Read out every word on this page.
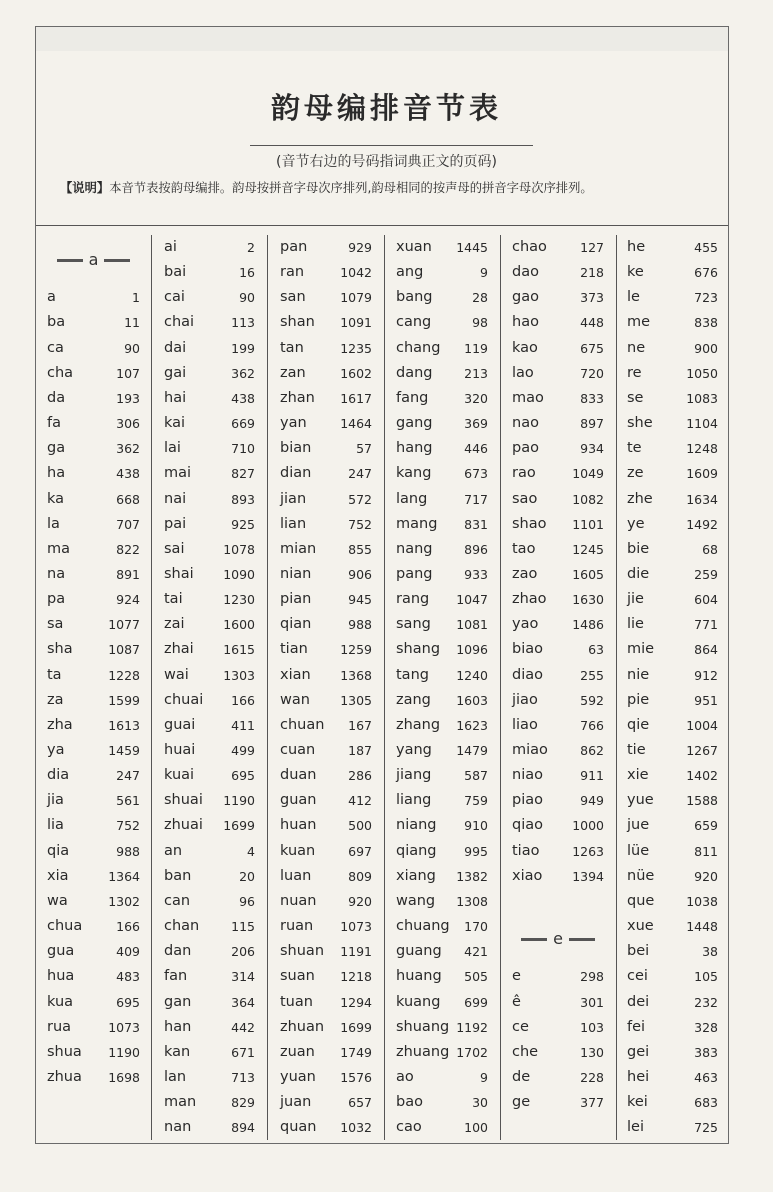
韵母编排音节表
(音节右边的号码指词典正文的页码)
【说明】本音节表按韵母编排。韵母按拼音字母次序排列,韵母相同的按声母的拼音字母次序排列。
a
a	1
ba	11
ca	90
cha	107
da	193
fa	306
ga	362
ha	438
ka	668
la	707
ma	822
na	891
pa	924
sa	1077
sha	1087
ta	1228
za	1599
zha	1613
ya	1459
dia	247
jia	561
lia	752
qia	988
xia	1364
wa	1302
chua	166
gua	409
hua	483
kua	695
rua	1073
shua 1190
zhua 1698
ai	2
bai	16
cai	90
chai	113
dai	199
gai	362
hai	438
kai	669
lai	710
mai	827
nai	893
pai	925
sai	1078
shai 1090
tai	1230
zai	1600
zhai 1615
wai	1303
chuai 166
guai	411
huai	499
kuai	695
shuai 1190
zhuai 1699
an	4
ban	20
can	96
chan	115
dan	206
fan	314
gan	364
han	442
kan	671
lan	713
man	829
nan	894
pan	929
ran	1042
san	1079
shan 1091
tan	1235
zan	1602
zhan 1617
yan	1464
bian	57
dian	247
jian	572
lian	752
mian	855
nian	906
pian	945
qian	988
tian	1259
xian 1368
wan 1305
chuan 167
cuan	187
duan	286
guan	412
huan	500
kuan	697
luan	809
nuan	920
ruan 1073
shuan 1191
suan 1218
tuan 1294
zhuan 1699
zuan 1749
yuan 1576
juan	657
quan 1032
xuan 1445
ang	9
bang	28
cang	98
chang 119
dang	213
fang	320
gang	369
hang	446
kang	673
lang	717
mang 831
nang	896
pang	933
rang 1047
sang 1081
shang 1096
tang 1240
zang 1603
zhang 1623
yang 1479
jiang	587
liang	759
niang 910
qiang 995
xiang 1382
wang 1308
chuang 170
guang 421
huang 505
kuang 699
shuang 1192
zhuang 1702
ao	9
bao	30
cao	100
chao	127
dao	218
gao	373
hao	448
kao	675
lao	720
mao	833
nao	897
pao	934
rao	1049
sao	1082
shao 1101
tao	1245
zao	1605
zhao 1630
yao	1486
biao	63
diao	255
jiao	592
liao	766
miao	862
niao	911
piao	949
qiao 1000
tiao	1263
xiao 1394
e
e	298
ê	301
ce	103
che	130
de	228
ge	377
he	455
ke	676
le	723
me	838
ne	900
re	1050
se	1083
she	1104
te	1248
ze	1609
zhe	1634
ye	1492
bie	68
die	259
jie	604
lie	771
mie	864
nie	912
pie	951
qie	1004
tie	1267
xie	1402
yue	1588
jue	659
lüe	811
nüe	920
que	1038
xue	1448
bei	38
cei	105
dei	232
fei	328
gei	383
hei	463
kei	683
lei	725
